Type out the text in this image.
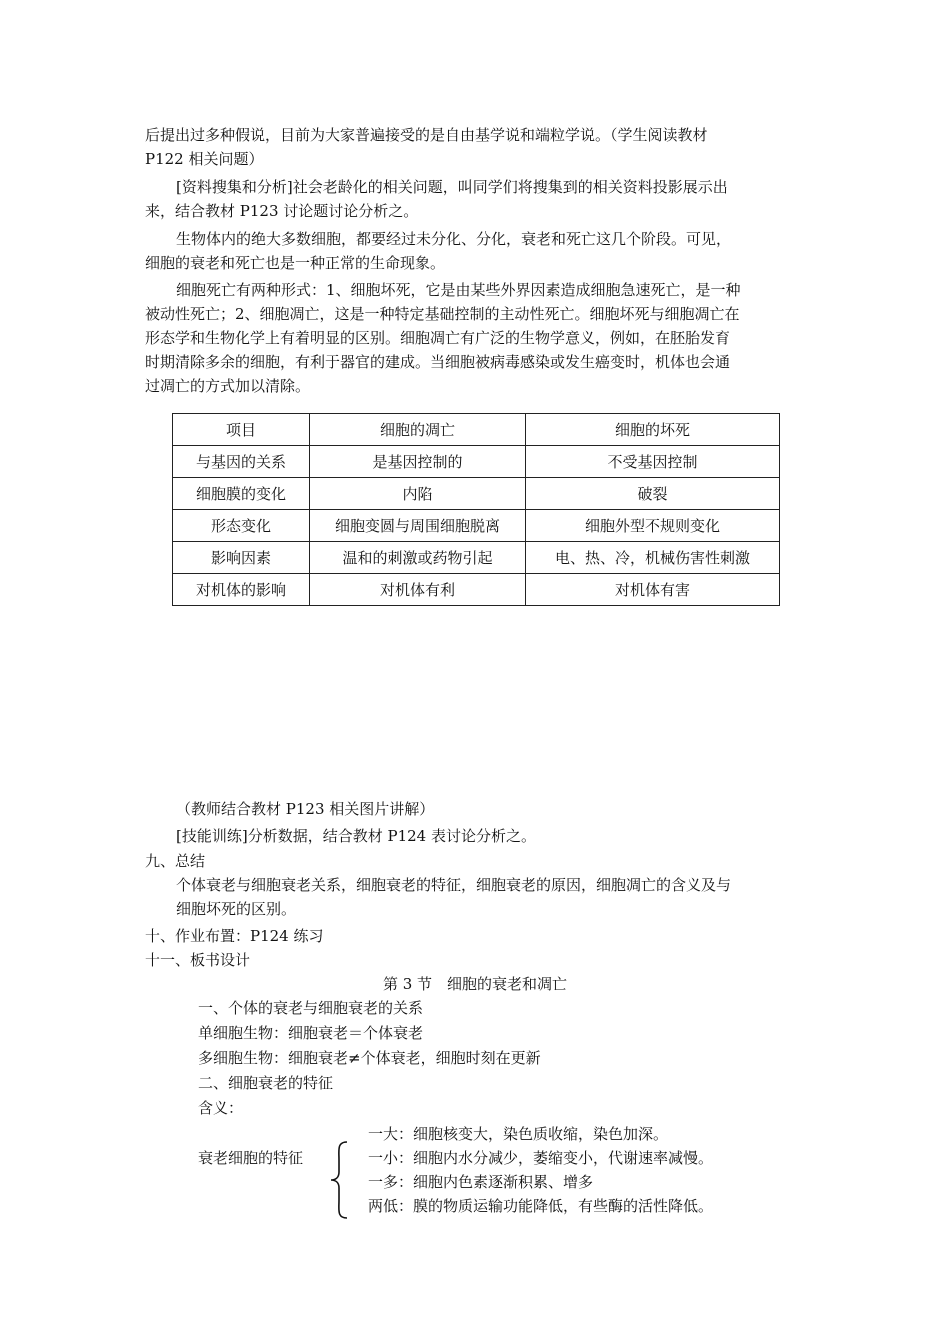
后提出过多种假说，目前为大家普遍接受的是自由基学说和端粒学说。（学生阅读教材
P122 相关问题）
[资料搜集和分析]社会老龄化的相关问题，叫同学们将搜集到的相关资料投影展示出
来，结合教材 P123 讨论题讨论分析之。
生物体内的绝大多数细胞，都要经过未分化、分化，衰老和死亡这几个阶段。可见，
细胞的衰老和死亡也是一种正常的生命现象。
细胞死亡有两种形式：1、细胞坏死，它是由某些外界因素造成细胞急速死亡，是一种
被动性死亡；2、细胞凋亡，这是一种特定基础控制的主动性死亡。细胞坏死与细胞凋亡在
形态学和生物化学上有着明显的区别。细胞凋亡有广泛的生物学意义，例如，在胚胎发育
时期清除多余的细胞，有利于器官的建成。当细胞被病毒感染或发生癌变时，机体也会通
过凋亡的方式加以清除。
项目	细胞的凋亡	细胞的坏死
与基因的关系	是基因控制的	不受基因控制
细胞膜的变化	内陷	破裂
形态变化	细胞变圆与周围细胞脱离	细胞外型不规则变化
影响因素	温和的刺激或药物引起	电、热、冷，机械伤害性刺激
对机体的影响	对机体有利	对机体有害
（教师结合教材 P123 相关图片讲解）
[技能训练]分析数据，结合教材 P124 表讨论分析之。
九、总结
个体衰老与细胞衰老关系，细胞衰老的特征，细胞衰老的原因，细胞凋亡的含义及与
细胞坏死的区别。
十、作业布置：P124 练习
十一、板书设计
第 3 节　细胞的衰老和凋亡
一、个体的衰老与细胞衰老的关系
单细胞生物：细胞衰老＝个体衰老
多细胞生物：细胞衰老≠个体衰老，细胞时刻在更新
二、细胞衰老的特征
含义：
衰老细胞的特征
一大：细胞核变大，染色质收缩，染色加深。
一小：细胞内水分减少，萎缩变小，代谢速率减慢。
一多：细胞内色素逐渐积累、增多
两低：膜的物质运输功能降低，有些酶的活性降低。
